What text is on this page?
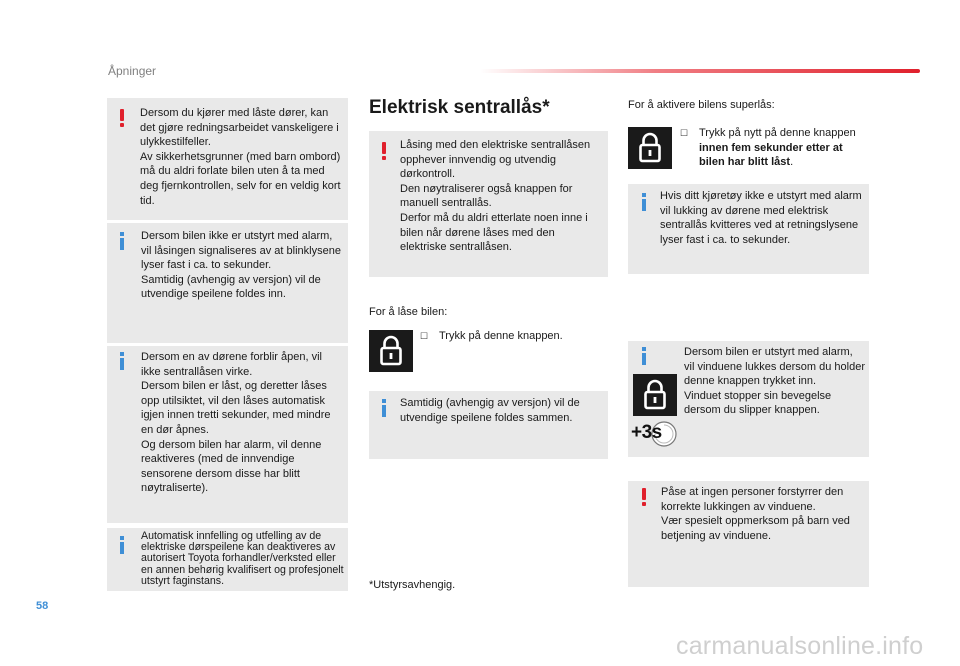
Åpninger
Dersom du kjører med låste dører, kan det gjøre redningsarbeidet vanskeligere i ulykkestilfeller.
Av sikkerhetsgrunner (med barn ombord) må du aldri forlate bilen uten å ta med deg fjernkontrollen, selv for en veldig kort tid.
Dersom bilen ikke er utstyrt med alarm, vil låsingen signaliseres av at blinklysene lyser fast i ca. to sekunder.
Samtidig (avhengig av versjon) vil de utvendige speilene foldes inn.
Dersom en av dørene forblir åpen, vil ikke sentrallåsen virke.
Dersom bilen er låst, og deretter låses opp utilsiktet, vil den låses automatisk igjen innen tretti sekunder, med mindre en dør åpnes.
Og dersom bilen har alarm, vil denne reaktiveres (med de innvendige sensorene dersom disse har blitt nøytraliserte).
Automatisk innfelling og utfelling av de elektriske dørspeilene kan deaktiveres av autorisert Toyota forhandler/verksted eller en annen behørig kvalifisert og profesjonelt utstyrt faginstans.
Elektrisk sentrallås*
Låsing med den elektriske sentrallåsen opphever innvendig og utvendig dørkontroll.
Den nøytraliserer også knappen for manuell sentrallås.
Derfor må du aldri etterlate noen inne i bilen når dørene låses med den elektriske sentrallåsen.
For å låse bilen:
☐ Trykk på denne knappen.
Samtidig (avhengig av versjon) vil de utvendige speilene foldes sammen.
*Utstyrsavhengig.
For å aktivere bilens superlås:
☐ Trykk på nytt på denne knappen innen fem sekunder etter at bilen har blitt låst.
Hvis ditt kjøretøy ikke e utstyrt med alarm vil lukking av dørene med elektrisk sentrallås kvitteres ved at retningslysene lyser fast i ca. to sekunder.
+3s
Dersom bilen er utstyrt med alarm, vil vinduene lukkes dersom du holder denne knappen trykket inn.
Vinduet stopper sin bevegelse dersom du slipper knappen.
Påse at ingen personer forstyrrer den korrekte lukkingen av vinduene.
Vær spesielt oppmerksom på barn ved betjening av vinduene.
58
carmanualsonline.info
